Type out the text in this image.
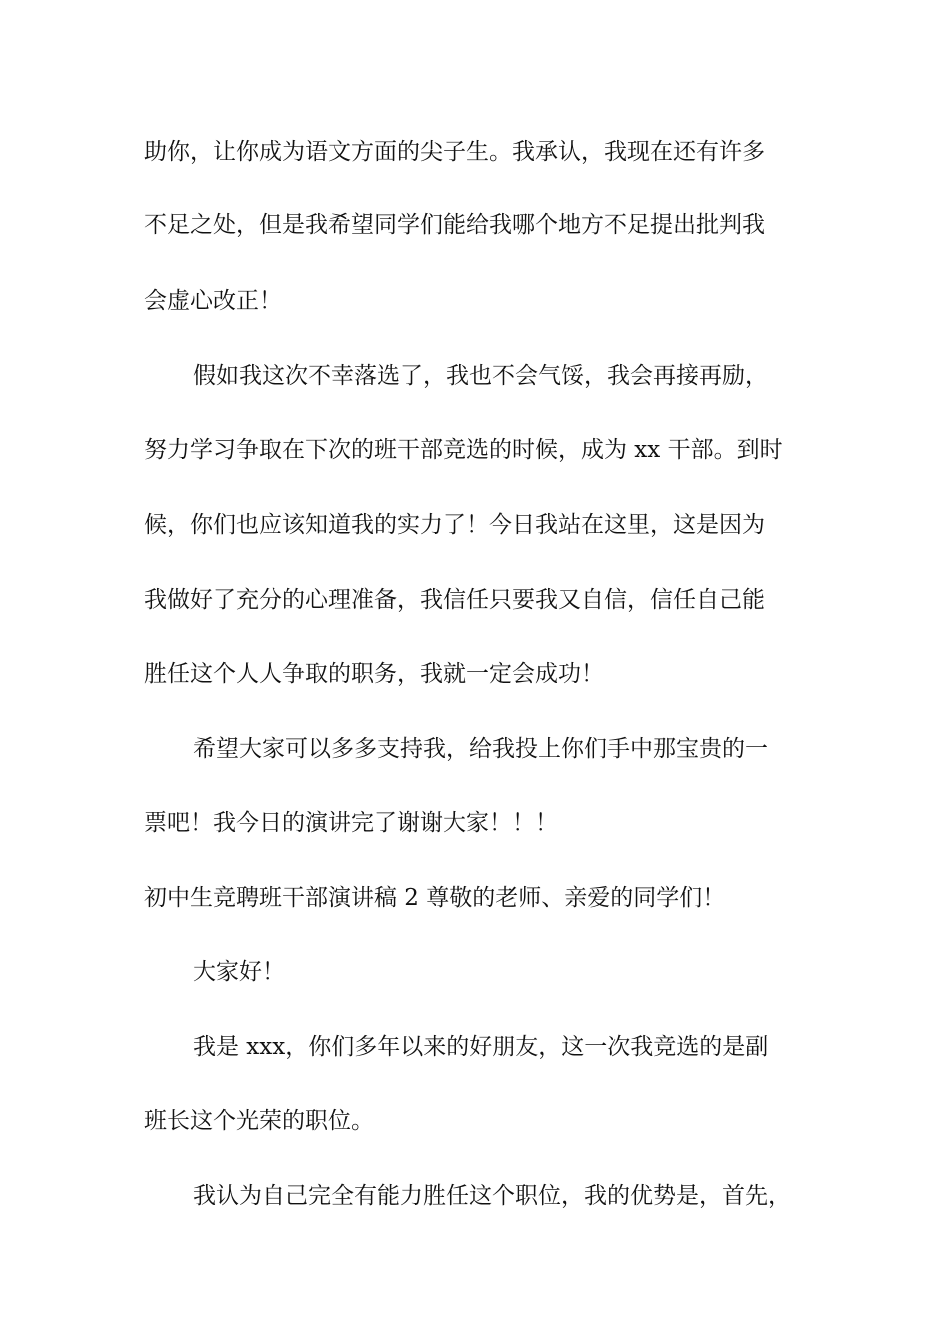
助你，让你成为语文方面的尖子生。我承认，我现在还有许多
不足之处，但是我希望同学们能给我哪个地方不足提出批判我
会虚心改正！
假如我这次不幸落选了，我也不会气馁，我会再接再励，
努力学习争取在下次的班干部竞选的时候，成为 xx 干部。到时
候，你们也应该知道我的实力了！今日我站在这里，这是因为
我做好了充分的心理准备，我信任只要我又自信，信任自己能
胜任这个人人争取的职务，我就一定会成功！
希望大家可以多多支持我，给我投上你们手中那宝贵的一
票吧！我今日的演讲完了谢谢大家！！！
初中生竞聘班干部演讲稿 2 尊敬的老师、亲爱的同学们！
大家好！
我是 xxx，你们多年以来的好朋友，这一次我竞选的是副
班长这个光荣的职位。
我认为自己完全有能力胜任这个职位，我的优势是，首先，
